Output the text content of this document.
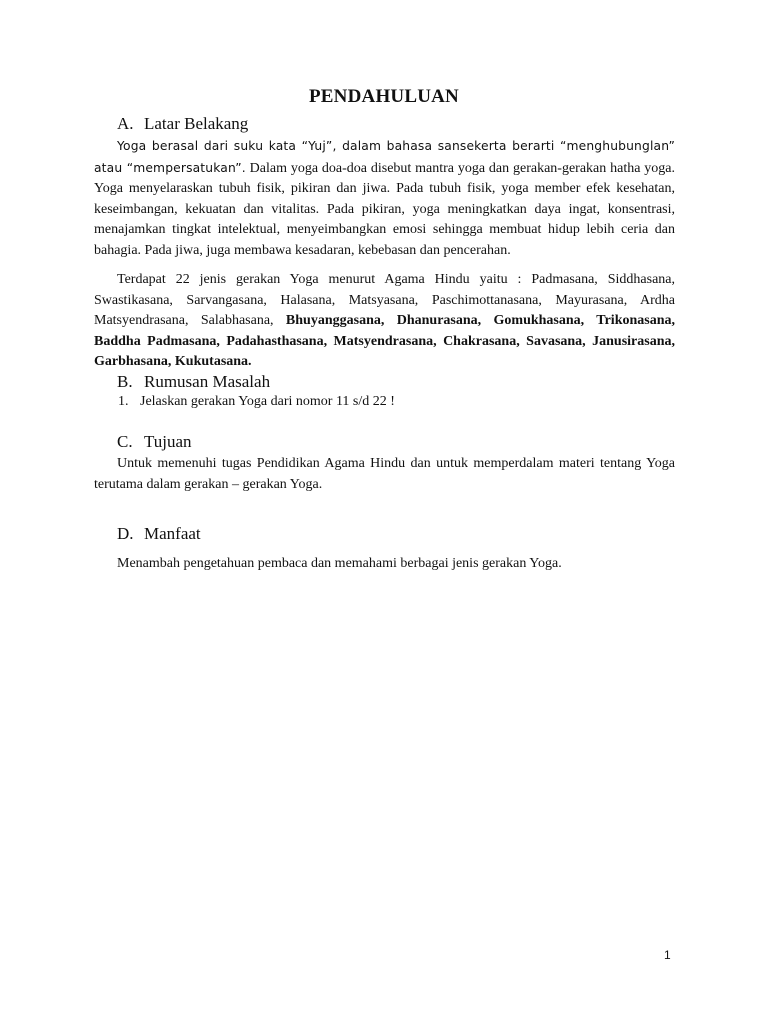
PENDAHULUAN
A. Latar Belakang

Yoga berasal dari suku kata “Yuj”, dalam bahasa sansekerta berarti “menghubunglan” atau “mempersatukan”. Dalam yoga doa-doa disebut mantra yoga dan gerakan-gerakan hatha yoga. Yoga menyelaraskan tubuh fisik, pikiran dan jiwa. Pada tubuh fisik, yoga member efek kesehatan, keseimbangan, kekuatan dan vitalitas. Pada pikiran, yoga meningkatkan daya ingat, konsentrasi, menajamkan tingkat intelektual, menyeimbangkan emosi sehingga membuat hidup lebih ceria dan bahagia. Pada jiwa, juga membawa kesadaran, kebebasan dan pencerahan.

Terdapat 22 jenis gerakan Yoga menurut Agama Hindu yaitu : Padmasana, Siddhasana, Swastikasana, Sarvangasana, Halasana, Matsyasana, Paschimottanasana, Mayurasana, Ardha Matsyendrasana, Salabhasana, Bhuyanggasana, Dhanurasana, Gomukhasana, Trikonasana, Baddha Padmasana, Padahasthasana, Matsyendrasana, Chakrasana, Savasana, Janusirasana, Garbhasana, Kukutasana.

B. Rumusan Masalah
1. Jelaskan gerakan Yoga dari nomor 11 s/d 22 !
C. Tujuan

Untuk memenuhi tugas Pendidikan Agama Hindu dan untuk memperdalam materi tentang Yoga terutama dalam gerakan – gerakan Yoga.

D. Manfaat

Menambah pengetahuan pembaca dan memahami berbagai jenis gerakan Yoga.

1
